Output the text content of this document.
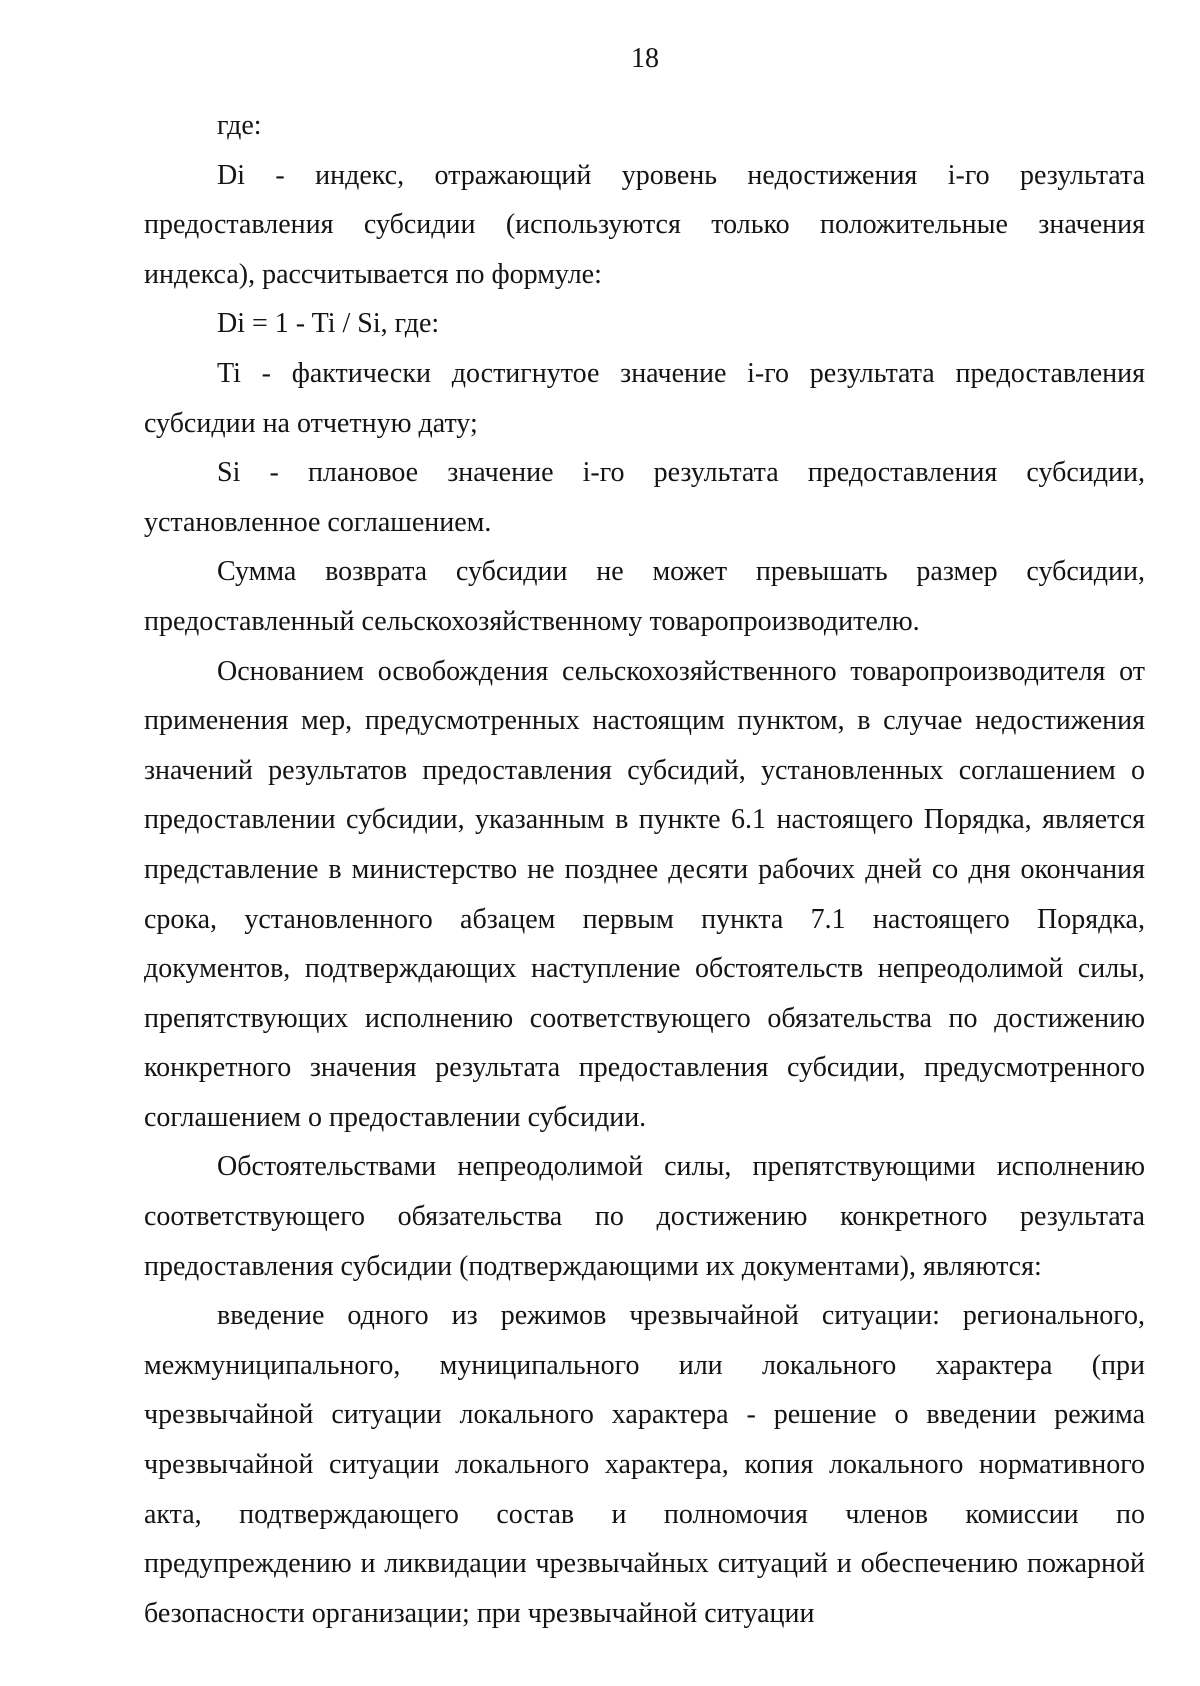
18

где:

Di - индекс, отражающий уровень недостижения i-го результата предоставления субсидии (используются только положительные значения индекса), рассчитывается по формуле:

Di = 1 - Ti / Si, где:

Ti - фактически достигнутое значение i-го результата предоставления субсидии на отчетную дату;

Si - плановое значение i-го результата предоставления субсидии, установленное соглашением.

Сумма возврата субсидии не может превышать размер субсидии, предоставленный сельскохозяйственному товаропроизводителю.

Основанием освобождения сельскохозяйственного товаропроизводителя от применения мер, предусмотренных настоящим пунктом, в случае недостижения значений результатов предоставления субсидий, установленных соглашением о предоставлении субсидии, указанным в пункте 6.1 настоящего Порядка, является представление в министерство не позднее десяти рабочих дней со дня окончания срока, установленного абзацем первым пункта 7.1 настоящего Порядка, документов, подтверждающих наступление обстоятельств непреодолимой силы, препятствующих исполнению соответствующего обязательства по достижению конкретного значения результата предоставления субсидии, предусмотренного соглашением о предоставлении субсидии.

Обстоятельствами непреодолимой силы, препятствующими исполнению соответствующего обязательства по достижению конкретного результата предоставления субсидии (подтверждающими их документами), являются:

введение одного из режимов чрезвычайной ситуации: регионального, межмуниципального, муниципального или локального характера (при чрезвычайной ситуации локального характера - решение о введении режима чрезвычайной ситуации локального характера, копия локального нормативного акта, подтверждающего состав и полномочия членов комиссии по предупреждению и ликвидации чрезвычайных ситуаций и обеспечению пожарной безопасности организации; при чрезвычайной ситуации
